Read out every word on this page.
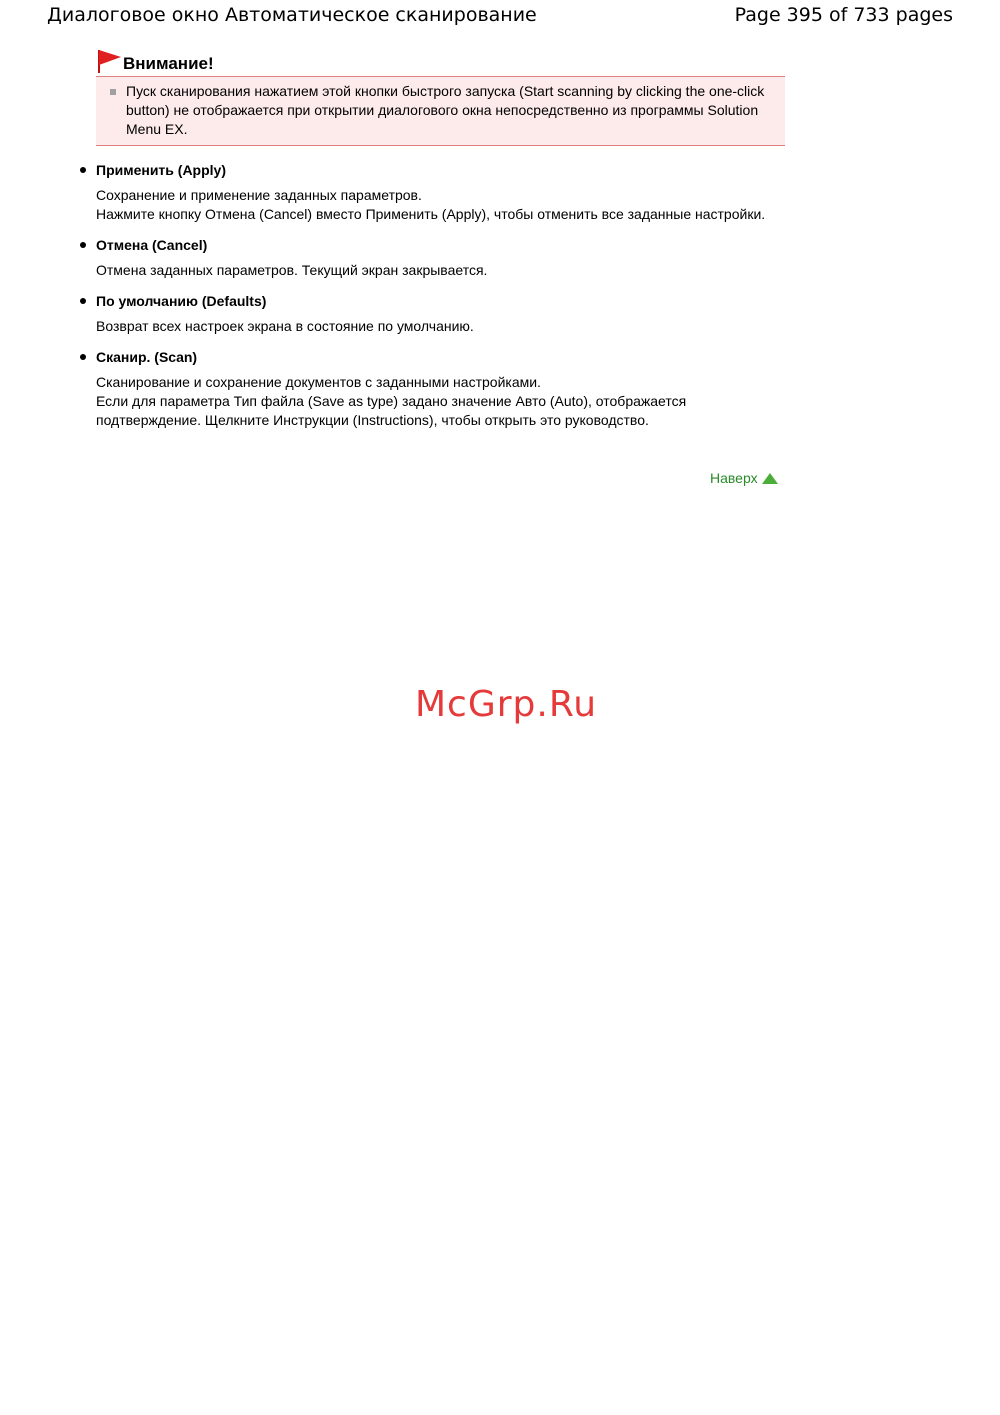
Диалоговое окно Автоматическое сканирование	Page 395 of 733 pages
Внимание!
Пуск сканирования нажатием этой кнопки быстрого запуска (Start scanning by clicking the one-click button) не отображается при открытии диалогового окна непосредственно из программы Solution Menu EX.
Применить (Apply)

Сохранение и применение заданных параметров.

Нажмите кнопку Отмена (Cancel) вместо Применить (Apply), чтобы отменить все заданные настройки.

Отмена (Cancel)

Отмена заданных параметров. Текущий экран закрывается.

По умолчанию (Defaults)

Возврат всех настроек экрана в состояние по умолчанию.

Сканир. (Scan)

Сканирование и сохранение документов с заданными настройками.

Если для параметра Тип файла (Save as type) задано значение Авто (Auto), отображается подтверждение. Щелкните Инструкции (Instructions), чтобы открыть это руководство.

Наверх
McGrp.Ru
